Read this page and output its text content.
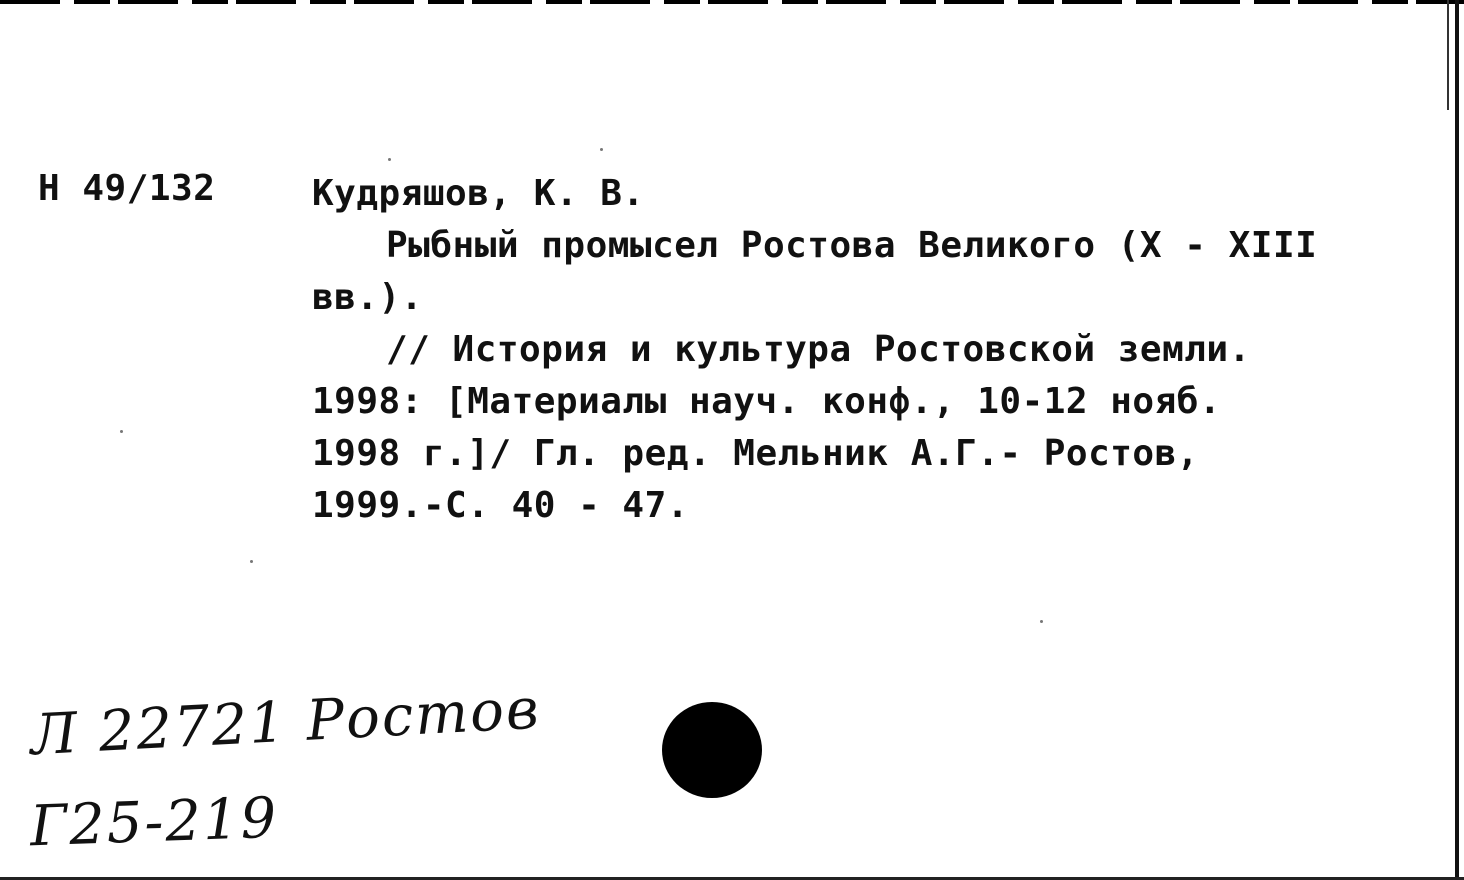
Н 49/132	Кудряшов, К. В.

Рыбный промысел Ростова Великого (X - XIII

вв.).

// История и культура Ростовской земли.

1998: [Материалы науч. конф., 10-12 нояб.

1998 г.]/ Гл. ред. Мельник А.Г.- Ростов,

1999.-С. 40 - 47.

Л 22721 Ростов

Г25-219
